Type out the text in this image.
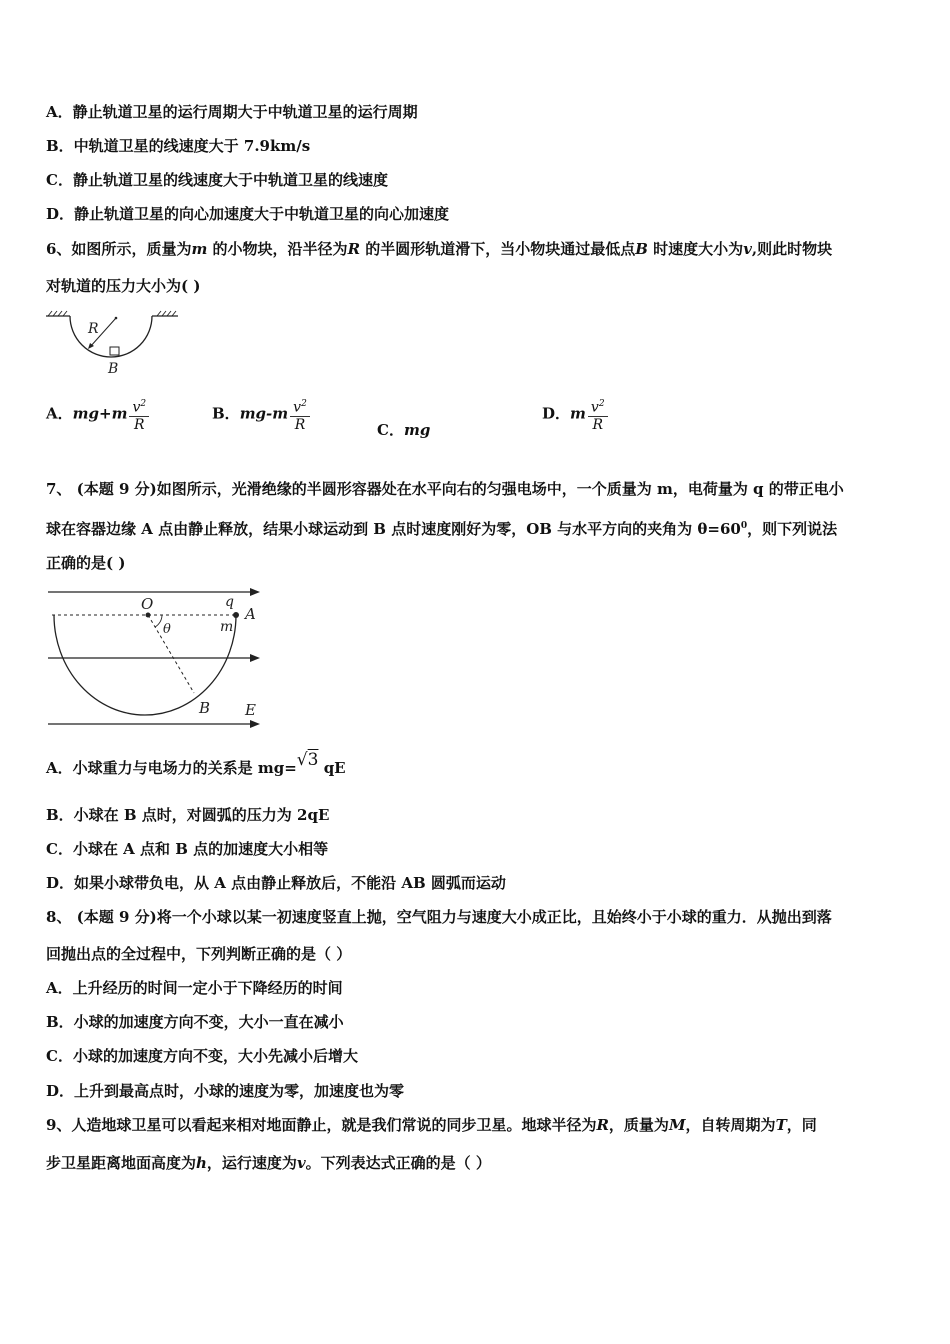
A．静止轨道卫星的运行周期大于中轨道卫星的运行周期
B．中轨道卫星的线速度大于 7.9km/s
C．静止轨道卫星的线速度大于中轨道卫星的线速度
D．静止轨道卫星的向心加速度大于中轨道卫星的向心加速度
6、如图所示，质量为m 的小物块，沿半径为R 的半圆形轨道滑下，当小物块通过最低点B 时速度大小为v,则此时物块
对轨道的压力大小为( )
R
B
A．$mg+m \frac{v^2}{R}$	B．$mg-m \frac{v^2}{R}$	C．mg
D．m $\frac{v^2}{R}$
7、 (本题 9 分)如图所示，光滑绝缘的半圆形容器处在水平向右的匀强电场中，一个质量为 m，电荷量为 q 的带正电小
球在容器边缘 A 点由静止释放，结果小球运动到 B 点时速度刚好为零，OB 与水平方向的夹角为 $\theta=60^0$，则下列说法
正确的是( )
O	q
A
m
θ
B E
A．小球重力与电场力的关系是 mg=√3 qE
B．小球在 B 点时，对圆弧的压力为 2qE
C．小球在 A 点和 B 点的加速度大小相等
D．如果小球带负电，从 A 点由静止释放后，不能沿 AB 圆弧而运动
8、 (本题 9 分)将一个小球以某一初速度竖直上抛，空气阻力与速度大小成正比，且始终小于小球的重力．从抛出到落
回抛出点的全过程中，下列判断正确的是（ ）
A．上升经历的时间一定小于下降经历的时间
B．小球的加速度方向不变，大小一直在减小
C．小球的加速度方向不变，大小先减小后增大
D．上升到最高点时，小球的速度为零，加速度也为零
9、人造地球卫星可以看起来相对地面静止，就是我们常说的同步卫星。地球半径为R，质量为M，自转周期为T，同
步卫星距离地面高度为h，运行速度为v。下列表达式正确的是（ ）
